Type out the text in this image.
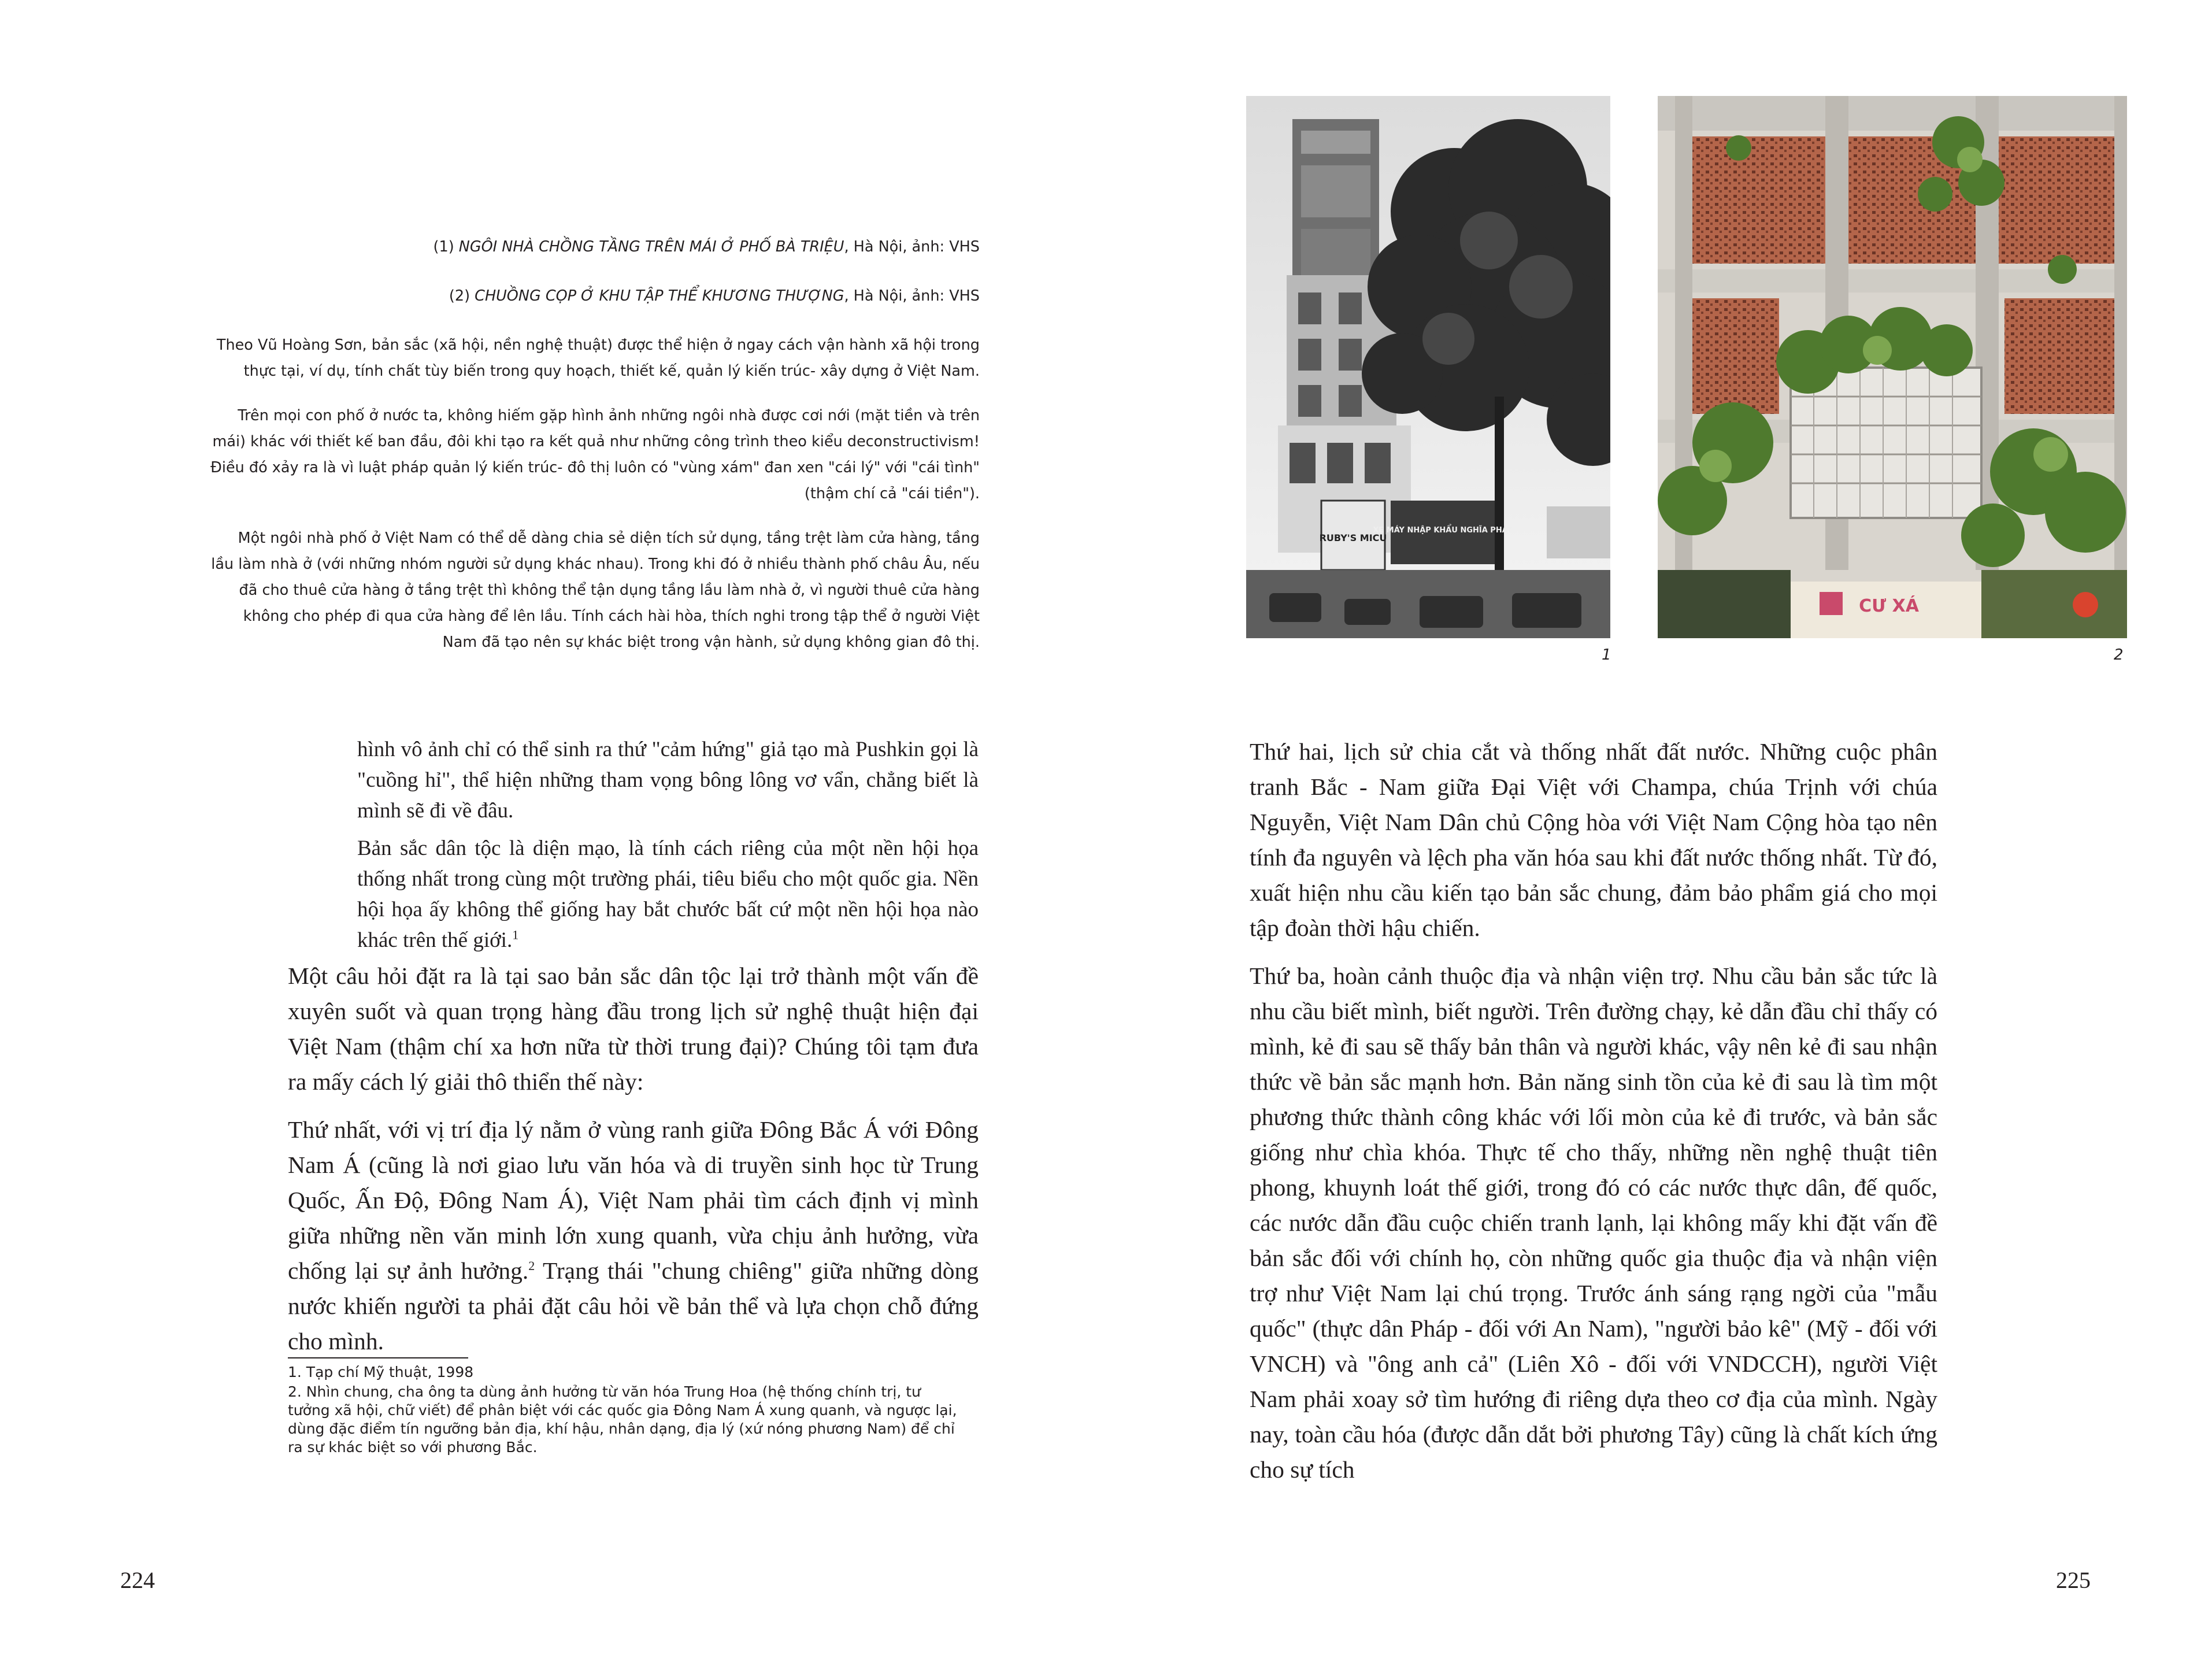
(1) NGÔI NHÀ CHỒNG TẦNG TRÊN MÁI Ở PHỐ BÀ TRIỆU, Hà Nội, ảnh: VHS

(2) CHUỒNG CỌP Ở KHU TẬP THỂ KHƯƠNG THƯỢNG, Hà Nội, ảnh: VHS

Theo Vũ Hoàng Sơn, bản sắc (xã hội, nền nghệ thuật) được thể hiện ở ngay cách vận hành xã hội trong
thực tại, ví dụ, tính chất tùy biến trong quy hoạch, thiết kế, quản lý kiến trúc- xây dựng ở Việt Nam.

Trên mọi con phố ở nước ta, không hiếm gặp hình ảnh những ngôi nhà được cơi nới (mặt tiền và trên
mái) khác với thiết kế ban đầu, đôi khi tạo ra kết quả như những công trình theo kiểu deconstructivism!
Điều đó xảy ra là vì luật pháp quản lý kiến trúc- đô thị luôn có "vùng xám" đan xen "cái lý" với "cái tình"
(thậm chí cả "cái tiền").

Một ngôi nhà phố ở Việt Nam có thể dễ dàng chia sẻ diện tích sử dụng, tầng trệt làm cửa hàng, tầng
lầu làm nhà ở (với những nhóm người sử dụng khác nhau). Trong khi đó ở nhiều thành phố châu Âu, nếu
đã cho thuê cửa hàng ở tầng trệt thì không thể tận dụng tầng lầu làm nhà ở, vì người thuê cửa hàng
không cho phép đi qua cửa hàng để lên lầu. Tính cách hài hòa, thích nghi trong tập thể ở người Việt
Nam đã tạo nên sự khác biệt trong vận hành, sử dụng không gian đô thị.

hình vô ảnh chỉ có thể sinh ra thứ "cảm hứng" giả tạo mà Pushkin gọi là "cuồng hỉ", thể hiện những tham vọng bông lông vơ vẩn, chẳng biết là mình sẽ đi về đâu.

Bản sắc dân tộc là diện mạo, là tính cách riêng của một nền hội họa thống nhất trong cùng một trường phái, tiêu biểu cho một quốc gia. Nền hội họa ấy không thể giống hay bắt chước bất cứ một nền hội họa nào khác trên thế giới.$^1$

Một câu hỏi đặt ra là tại sao bản sắc dân tộc lại trở thành một vấn đề xuyên suốt và quan trọng hàng đầu trong lịch sử nghệ thuật hiện đại Việt Nam (thậm chí xa hơn nữa từ thời trung đại)? Chúng tôi tạm đưa ra mấy cách lý giải thô thiển thế này:

Thứ nhất, với vị trí địa lý nằm ở vùng ranh giữa Đông Bắc Á với Đông Nam Á (cũng là nơi giao lưu văn hóa và di truyền sinh học từ Trung Quốc, Ấn Độ, Đông Nam Á), Việt Nam phải tìm cách định vị mình giữa những nền văn minh lớn xung quanh, vừa chịu ảnh hưởng, vừa chống lại sự ảnh hưởng.$^2$ Trạng thái "chung chiêng" giữa những dòng nước khiến người ta phải đặt câu hỏi về bản thể và lựa chọn chỗ đứng cho mình.

1. Tạp chí Mỹ thuật, 1998

2. Nhìn chung, cha ông ta dùng ảnh hưởng từ văn hóa Trung Hoa (hệ thống chính trị, tư tưởng xã hội, chữ viết) để phân biệt với các quốc gia Đông Nam Á xung quanh, và ngược lại, dùng đặc điểm tín ngưỡng bản địa, khí hậu, nhân dạng, địa lý (xứ nóng phương Nam) để chỉ ra sự khác biệt so với phương Bắc.

224
RUBY'S MICU
XE MÁY NHẬP KHẨU NGHĨA PHÁT
1
CƯ XÁ
2

Thứ hai, lịch sử chia cắt và thống nhất đất nước. Những cuộc phân tranh Bắc - Nam giữa Đại Việt với Champa, chúa Trịnh với chúa Nguyễn, Việt Nam Dân chủ Cộng hòa với Việt Nam Cộng hòa tạo nên tính đa nguyên và lệch pha văn hóa sau khi đất nước thống nhất. Từ đó, xuất hiện nhu cầu kiến tạo bản sắc chung, đảm bảo phẩm giá cho mọi tập đoàn thời hậu chiến.

Thứ ba, hoàn cảnh thuộc địa và nhận viện trợ. Nhu cầu bản sắc tức là nhu cầu biết mình, biết người. Trên đường chạy, kẻ dẫn đầu chỉ thấy có mình, kẻ đi sau sẽ thấy bản thân và người khác, vậy nên kẻ đi sau nhận thức về bản sắc mạnh hơn. Bản năng sinh tồn của kẻ đi sau là tìm một phương thức thành công khác với lối mòn của kẻ đi trước, và bản sắc giống như chìa khóa. Thực tế cho thấy, những nền nghệ thuật tiên phong, khuynh loát thế giới, trong đó có các nước thực dân, đế quốc, các nước dẫn đầu cuộc chiến tranh lạnh, lại không mấy khi đặt vấn đề bản sắc đối với chính họ, còn những quốc gia thuộc địa và nhận viện trợ như Việt Nam lại chú trọng. Trước ánh sáng rạng ngời của "mẫu quốc" (thực dân Pháp - đối với An Nam), "người bảo kê" (Mỹ - đối với VNCH) và "ông anh cả" (Liên Xô - đối với VNDCCH), người Việt Nam phải xoay sở tìm hướng đi riêng dựa theo cơ địa của mình. Ngày nay, toàn cầu hóa (được dẫn dắt bởi phương Tây) cũng là chất kích ứng cho sự tích

225
